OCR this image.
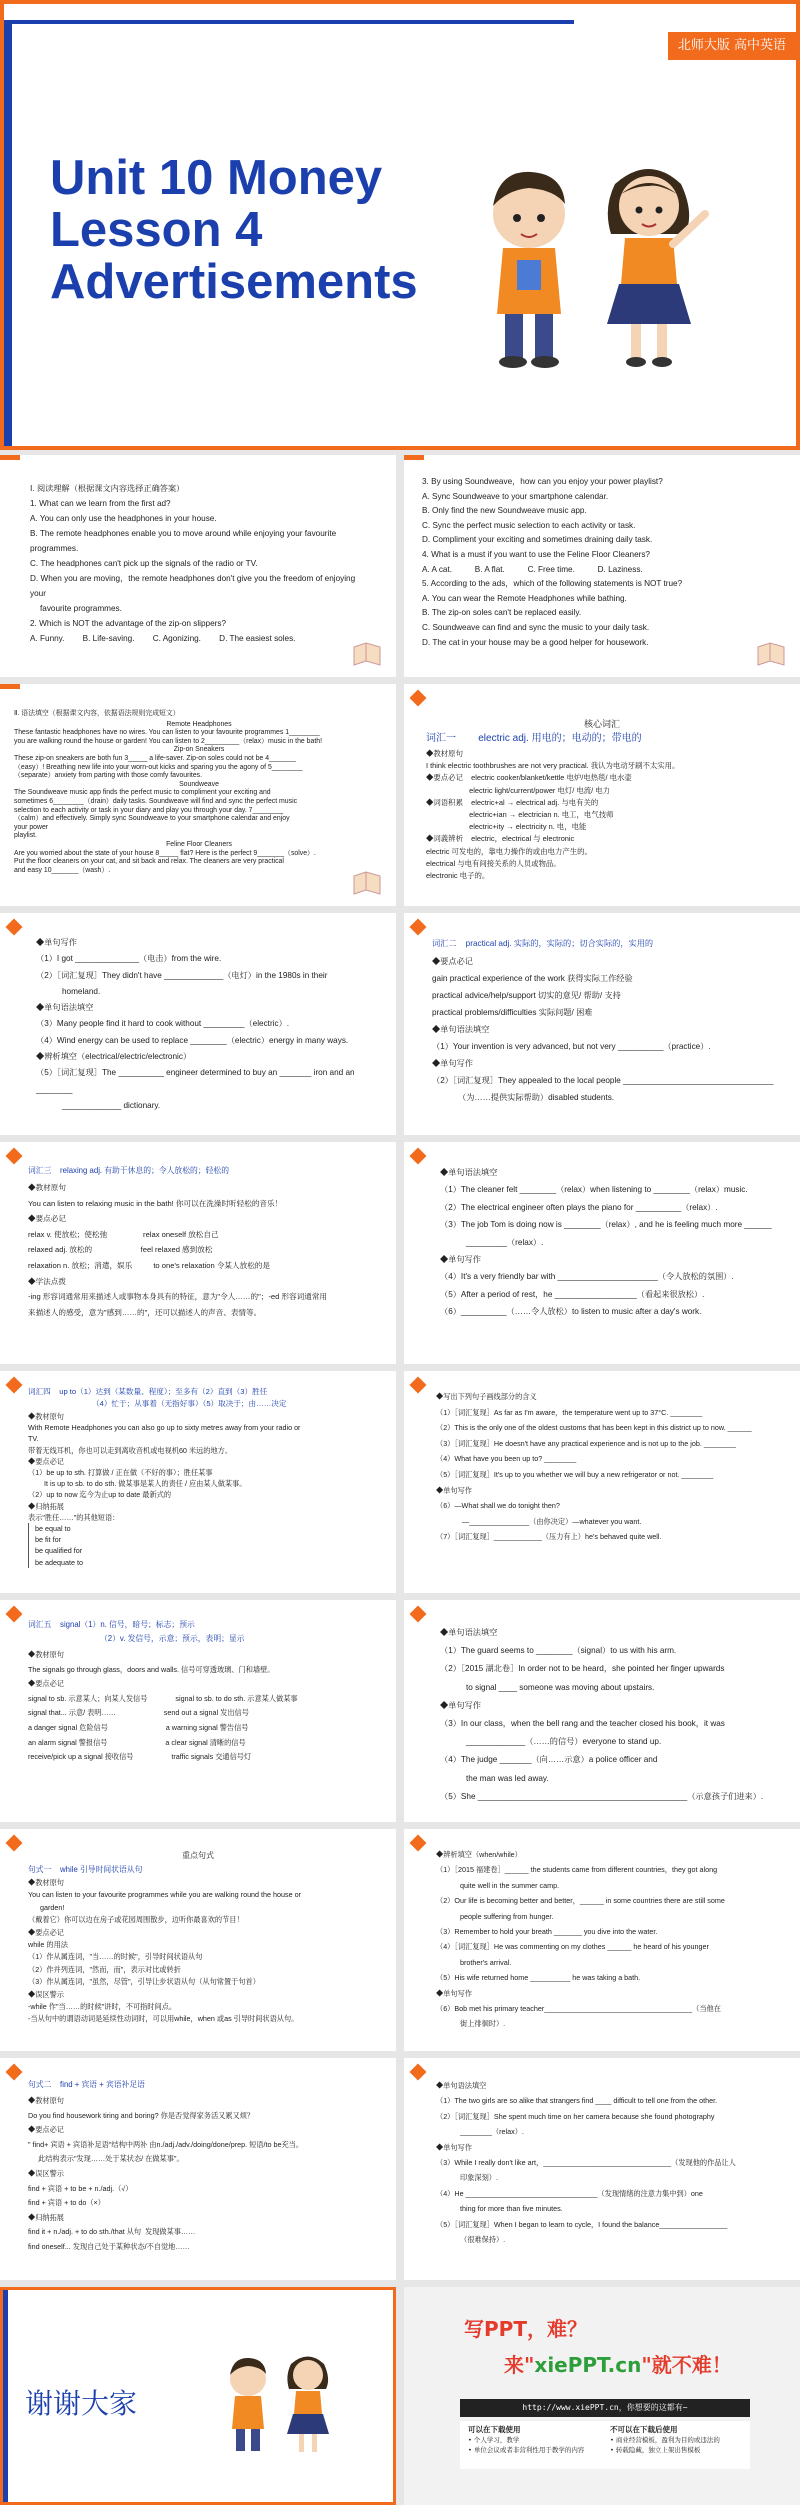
北师大版 高中英语
Unit 10 Money
Lesson 4
Advertisements

Ⅰ. 阅读理解（根据课文内容选择正确答案）

1. What can we learn from the first ad?

A. You can only use the headphones in your house.

B. The remote headphones enable you to move around while enjoying your favourite

programmes.

C. The headphones can't pick up the signals of the radio or TV.

D. When you are moving，the remote headphones don't give you the freedom of enjoying

your

favourite programmes.

2. Which is NOT the advantage of the zip-on slippers?

A. Funny.        B. Life-saving.        C. Agonizing.        D. The easiest soles.

3. By using Soundweave，how can you enjoy your power playlist?

A. Sync Soundweave to your smartphone calendar.

B. Only find the new Soundweave music app.

C. Sync the perfect music selection to each activity or task.

D. Compliment your exciting and sometimes draining daily task.

4. What is a must if you want to use the Feline Floor Cleaners?

A. A cat.          B. A flat.          C. Free time.          D. Laziness.

5. According to the ads，which of the following statements is NOT true?

A. You can wear the Remote Headphones while bathing.

B. The zip-on soles can't be replaced easily.

C. Soundweave can find and sync the music to your daily task.

D. The cat in your house may be a good helper for housework.

Ⅱ. 语法填空（根据课文内容，依据语法规则完成短文）

Remote Headphones

These fantastic headphones have no wires. You can listen to your favourite programmes 1________

you are walking round the house or garden! You can listen to 2_________（relax）music in the bath!

Zip-on Sneakers

These zip-on sneakers are both fun 3_____ a life-saver. Zip-on soles could not be 4_______

（easy）! Breathing new life into your worn-out kicks and sparing you the agony of 5________

（separate）anxiety from parting with those comfy favourites.

Soundweave

The Soundweave music app finds the perfect music to compliment your exciting and

sometimes 6________（drain）daily tasks. Soundweave will find and sync the perfect music

selection to each activity or task in your diary and play you through your day. 7________

（calm）and effectively. Simply sync Soundweave to your smartphone calendar and enjoy

your power

playlist.

Feline Floor Cleaners

Are you worried about the state of your house 8_____ flat? Here is the perfect 9_______（solve）.

Put the floor cleaners on your cat, and sit back and relax. The cleaners are very practical

and easy 10_______（wash）.

核心词汇
词汇一        electric adj. 用电的；电动的；带电的

◆教材原句

I think electric toothbrushes are not very practical. 我认为电动牙刷不太实用。

◆要点必记    electric cooker/blanket/kettle 电炉/电热毯/ 电水壶

electric light/current/power 电灯/ 电流/ 电力

◆词语积累    electric+al → electrical adj. 与电有关的

electric+ian → electrician n. 电工，电气技师

electric+ity → electricity n. 电，电能

◆词義辨析    electric，electrical 与 electronic

electric 可发电的，靠电力操作的或由电力产生的。

electrical 与电有间接关系的人员或物品。

electronic 电子的。

◆单句写作

（1）I got ______________（电击）from the wire.

（2）［词汇复现］They didn't have _____________（电灯）in the 1980s in their

homeland.

◆单句语法填空

（3）Many people find it hard to cook without _________（electric）.

（4）Wind energy can be used to replace ________（electric）energy in many ways.

◆辨析填空（electrical/electric/electronic）

（5）［词汇复现］The __________ engineer determined to buy an _______ iron and an ________

_____________ dictionary.

词汇二    practical adj. 实际的，实际的；切合实际的，实用的

◆要点必记

gain practical experience of the work 获得实际工作经验

practical advice/help/support 切实的意见/ 帮助/ 支持

practical problems/difficulties 实际问题/ 困难

◆单句语法填空

（1）Your invention is very advanced, but not very __________（practice）.

◆单句写作

（2）［词汇复现］They appealed to the local people _________________________________

（为……提供实际帮助）disabled students.

词汇三    relaxing adj. 有助于休息的；令人放松的；轻松的

◆教材原句

You can listen to relaxing music in the bath! 你可以在洗澡时听轻松的音乐！

◆要点必记

relax v. 使放松；使松弛                 relax oneself 放松自己

relaxed adj. 放松的                       feel relaxed 感到放松

relaxation n. 放松；消遣，娱乐          to one's relaxation 令某人放松的是

◆学法点拨

-ing 形容词通常用来描述人或事物本身具有的特征，意为"令人……的"；-ed 形容词通常用

来描述人的感受，意为"感到……的"，还可以描述人的声音、表情等。

◆单句语法填空

（1）The cleaner felt ________（relax）when listening to ________（relax）music.

（2）The electrical engineer often plays the piano for __________（relax）.

（3）The job Tom is doing now is ________（relax）, and he is feeling much more ______

_________（relax）.

◆单句写作

（4）It's a very friendly bar with ______________________（令人放松的氛围）.

（5）After a period of rest，he __________________（看起来很放松）.

（6）__________（……令人放松）to listen to music after a day's work.

词汇四    up to（1）达到（某数量、程度）；至多有（2）直到（3）胜任
（4）忙于；从事着（无指好事）（5）取决于；由……决定

◆教材原句

With Remote Headphones you can also go up to sixty metres away from your radio or

TV.

带着无线耳机，你也可以走到离收音机或电视机60 米远的地方。

◆要点必记

（1）be up to sth. 打算做 / 正在做（不好的事）；胜任某事

It is up to sb. to do sth. 做某事是某人的责任 / 应由某人做某事。

（2）up to now 迄今为止up to date 最新式的

◆归纳拓展

表示"胜任……"的其他短语：

be equal to

be fit for

be qualified for

be adequate to

◆写出下列句子画线部分的含义

（1）［词汇复现］As far as I'm aware，the temperature went up to 37°C. ________

（2）This is the only one of the oldest customs that has been kept in this district up to now. ______

（3）［词汇复现］He doesn't have any practical experience and is not up to the job. ________

（4）What have you been up to? ________

（5）［词汇复现］It's up to you whether we will buy a new refrigerator or not. ________

◆单句写作

（6）—What shall we do tonight then?

—_______________（由你决定）—whatever you want.

（7）［词汇复现］____________（压力有上）he's behaved quite well.

词汇五    signal（1）n. 信号，暗号；标志；预示
（2）v. 发信号，示意；预示，表明；显示

◆教材原句

The signals go through glass，doors and walls. 信号可穿透玻璃、门和墙壁。

◆要点必记

signal to sb. 示意某人；向某人发信号              signal to sb. to do sth. 示意某人做某事

signal that... 示意/ 表明……                        send out a signal 发出信号

a danger signal 危险信号                             a warning signal 警告信号

an alarm signal 警报信号                             a clear signal 清晰的信号

receive/pick up a signal 接收信号                   traffic signals 交通信号灯

◆单句语法填空

（1）The guard seems to ________（signal）to us with his arm.

（2）［2015 湖北卷］In order not to be heard，she pointed her finger upwards

to signal ____ someone was moving about upstairs.

◆单句写作

（3）In our class，when the bell rang and the teacher closed his book，it was

_____________（……的信号）everyone to stand up.

（4）The judge _______（向……示意）a police officer and

the man was led away.

（5）She ______________________________________________（示意孩子们进来）.

重点句式
句式一    while 引导时间状语从句

◆教材原句

You can listen to your favourite programmes while you are walking round the house or

garden!

（戴着它）你可以边在房子或花园周围散步，边听你最喜欢的节目！

◆要点必记

while 的用法

（1）作从属连词，"当……的时候"，引导时间状语从句

（2）作并列连词，"然而，而"，表示对比或转折

（3）作从属连词，"虽然，尽管"，引导让步状语从句（从句常置于句首）

◆误区警示

-while 作"当……的时候"讲时，不可指时间点。

-当从句中的谓语动词是延续性动词时，可以用while，when 或as 引导时间状语从句。

◆辨析填空（when/while）

（1）［2015 福建卷］______ the students came from different countries，they got along

quite well in the summer camp.

（2）Our life is becoming better and better，______ in some countries there are still some

people suffering from hunger.

（3）Remember to hold your breath _______ you dive into the water.

（4）［词汇复现］He was commenting on my clothes ______ he heard of his younger

brother's arrival.

（5）His wife returned home __________ he was taking a bath.

◆单句写作

（6）Bob met his primary teacher_____________________________________（当他在

街上徘徊时）.

句式二    find + 宾语 + 宾语补足语

◆教材原句

Do you find housework tiring and boring? 你是否觉得家务活又累又烦？

◆要点必记

" find+ 宾语 + 宾语补足语"结构中两补 由n./adj./adv./doing/done/prep. 短语/to be充当。

此结构表示"发现……处于某状态/ 在做某事"。

◆误区警示

find + 宾语 + to be + n./adj.（√）

find + 宾语 + to do（×）

◆归纳拓展

find it + n./adj. + to do sth./that 从句  发现做某事……

find oneself... 发现自己处于某种状态/不自觉地……

◆单句语法填空

（1）The two girls are so alike that strangers find ____ difficult to tell one from the other.

（2）［词汇复现］She spent much time on her camera because she found photography

________（relax）.

◆单句写作

（3）While I really don't like art，________________________________（发现他的作品让人

印象深刻）.

（4）He _________________________________（发现情绪的注意力集中到）one

thing for more than five minutes.

（5）［词汇复现］When I began to learn to cycle，I found the balance_________________

（很难保持）.

谢谢大家
写PPT，难？
来"xiePPT.cn"就不难！
http://www.xiePPT.cn，你想要的这都有~
可以在下载使用
• 个人学习，教学
• 单位会议或者非营利性用于教学的内容
不可以在下载后使用
• 商业经营模板，盈利为目的或违法的
• 转载隐藏，独立上架出售模板
